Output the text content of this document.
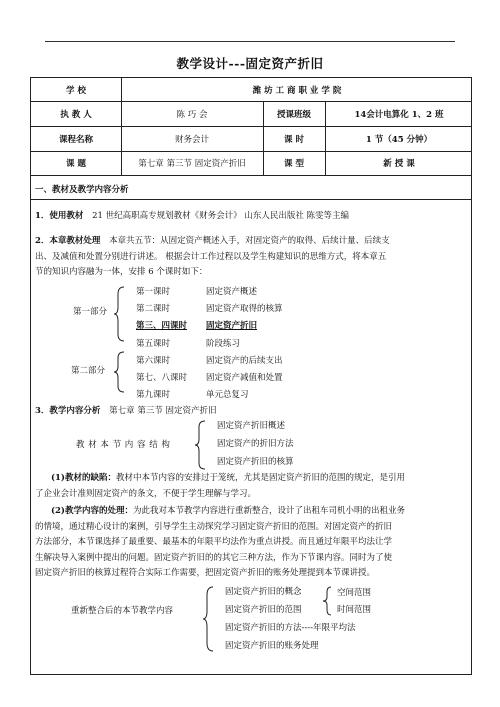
教学设计---固定资产折旧
学 校	潍 坊 工 商 职 业 学 院
执 教 人	陈 巧 会	授课班级	14会计电算化 1、2 班
课程名称	财务会计	课 时	1 节（45 分钟）
课 题	第七章 第三节 固定资产折旧	课 型	新 授 课
一、教材及教学内容分析
1．使用教材 21 世纪高职高专规划教材《财务会计》 山东人民出版社 陈雯等主编
2．本章教材处理 本章共五节：从固定资产概述入手，对固定资产的取得、后续计量、后续支
出、及减值和处置分别进行讲述。 根据会计工作过程以及学生构建知识的思维方式，将本章五
节的知识内容融为一体，安排 6 个课时如下：
第一部分
第一课时	固定资产概述
第二课时	固定资产取得的核算
第三、四课时 固定资产折旧
第五课时	阶段练习
第二部分
第六课时	固定资产的后续支出
第七、八课时 固定资产减值和处置
第九课时	单元总复习
3．教学内容分析 第七章 第三节 固定资产折旧
教 材 本 节 内 容 结 构
固定资产折旧概述
固定资产的折旧方法
固定资产折旧的核算
(1)教材的缺陷：教材中本节内容的安排过于笼统，尤其是固定资产折旧的范围的规定，是引用
了企业会计准则固定资产的条文，不便于学生理解与学习。
(2)教学内容的处理：为此我对本节教学内容进行重新整合，设计了出租车司机小明的出租业务
的情境，通过精心设计的案例，引导学生主动探究学习固定资产折旧的范围。对固定资产的折旧
方法部分，本节课选择了最重要、最基本的年限平均法作为重点讲授。而且通过年限平均法让学
生解决导入案例中提出的问题。固定资产折旧的的其它三种方法，作为下节课内容。同时为了使
固定资产折旧的核算过程符合实际工作需要，把固定资产折旧的账务处理提到本节课讲授。
重新整合后的本节教学内容
固定资产折旧的概念
固定资产折旧的范围
固定资产折旧的方法----年限平均法
固定资产折旧的账务处理
空间范围
时间范围
